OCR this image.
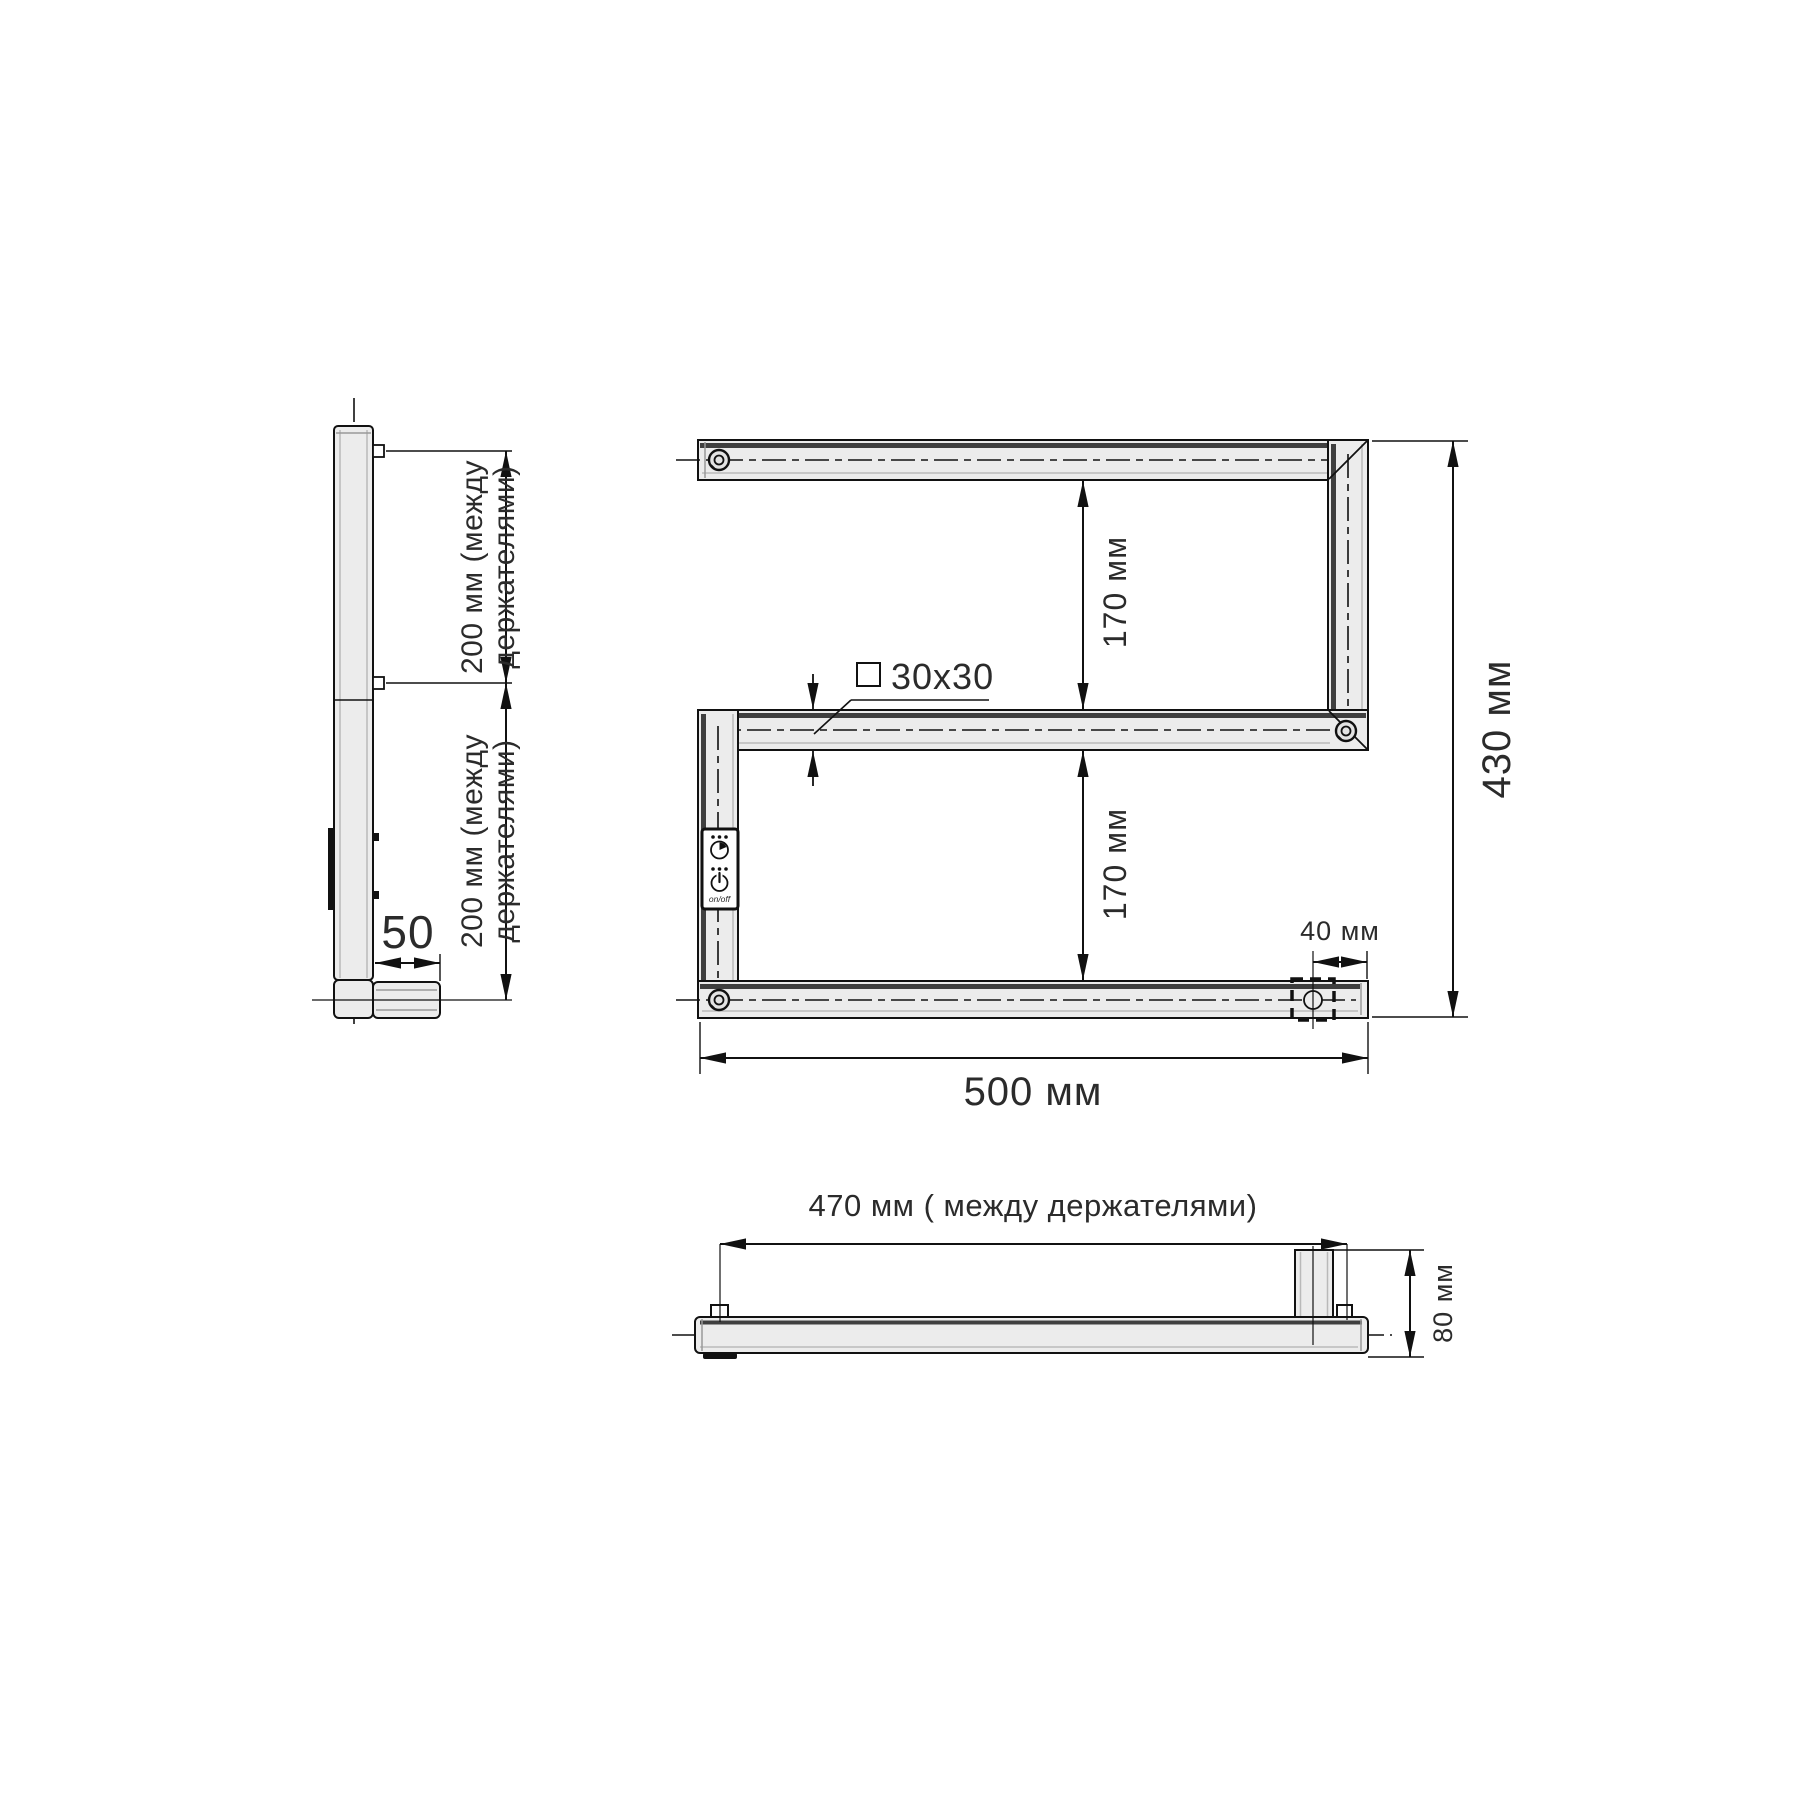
200 мм (между держателями)
200 мм (между держателями)
50
on/off
170 мм
170 мм
430 мм
500 мм
40 мм
30x30
470 мм ( между держателями)
80 мм
